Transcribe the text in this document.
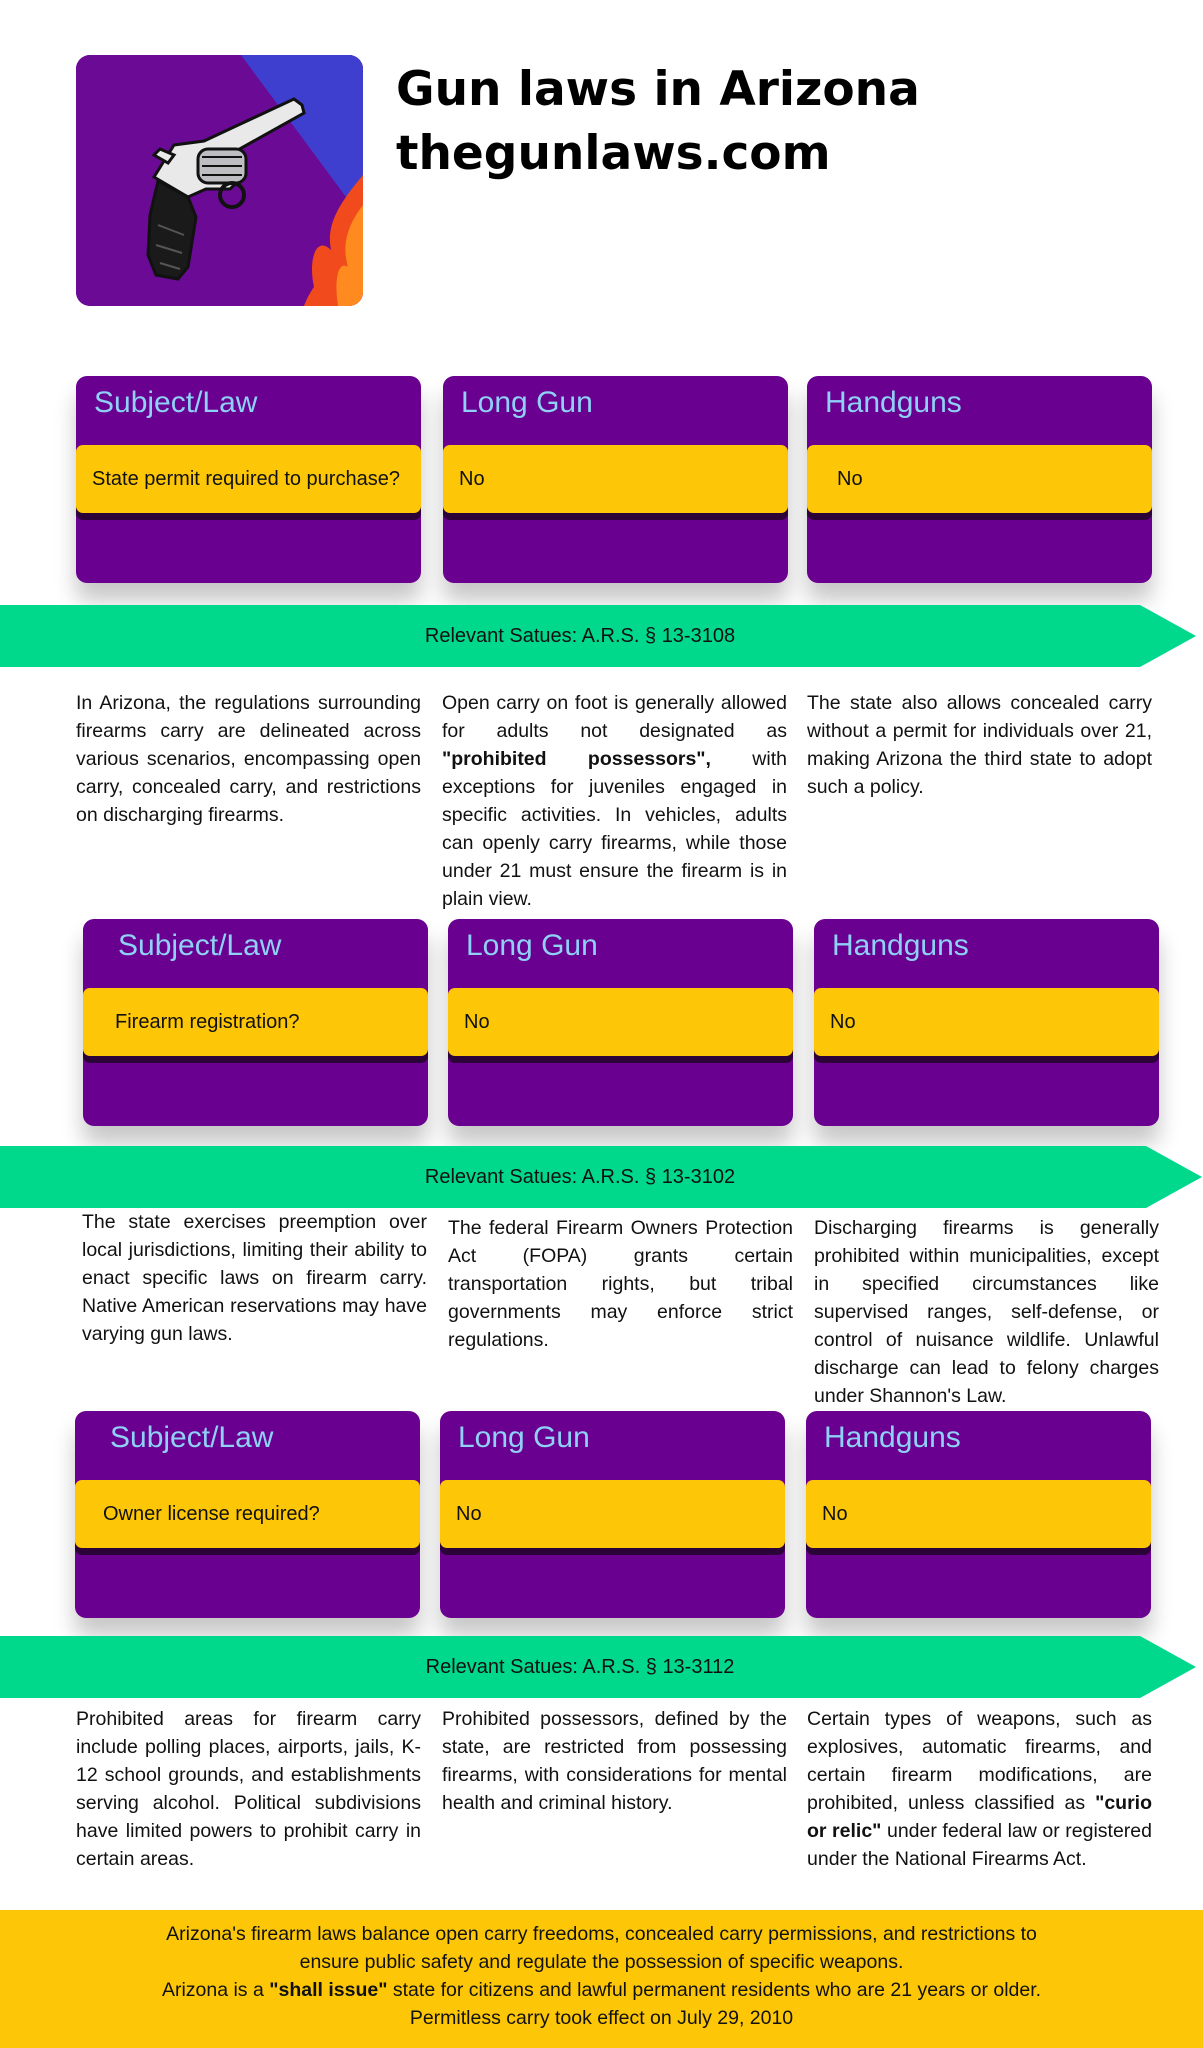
Gun laws in Arizona
thegunlaws.com
Subject/Law
State permit required to purchase?
Long Gun
No
Handguns
No
Relevant Satues: A.R.S. § 13-3108

In Arizona, the regulations surrounding firearms carry are delineated across various scenarios, encompassing open carry, concealed carry, and restrictions on discharging firearms.

Open carry on foot is generally allowed for adults not designated as "prohibited possessors", with exceptions for juveniles engaged in specific activities. In vehicles, adults can openly carry firearms, while those under 21 must ensure the firearm is in plain view.

The state also allows concealed carry without a permit for individuals over 21, making Arizona the third state to adopt such a policy.

Subject/Law
Firearm registration?
Long Gun
No
Handguns
No
Relevant Satues: A.R.S. § 13-3102

The state exercises preemption over local jurisdictions, limiting their ability to enact specific laws on firearm carry. Native American reservations may have varying gun laws.

The federal Firearm Owners Protection Act (FOPA) grants certain transportation rights, but tribal governments may enforce strict regulations.

Discharging firearms is generally prohibited within municipalities, except in specified circumstances like supervised ranges, self-defense, or control of nuisance wildlife. Unlawful discharge can lead to felony charges under Shannon's Law.

Subject/Law
Owner license required?
Long Gun
No
Handguns
No
Relevant Satues: A.R.S. § 13-3112

Prohibited areas for firearm carry include polling places, airports, jails, K-12 school grounds, and establishments serving alcohol. Political subdivisions have limited powers to prohibit carry in certain areas.

Prohibited possessors, defined by the state, are restricted from possessing firearms, with considerations for mental health and criminal history.

Certain types of weapons, such as explosives, automatic firearms, and certain firearm modifications, are prohibited, unless classified as "curio or relic" under federal law or registered under the National Firearms Act.

Arizona's firearm laws balance open carry freedoms, concealed carry permissions, and restrictions to ensure public safety and regulate the possession of specific weapons.

Arizona is a "shall issue" state for citizens and lawful permanent residents who are 21 years or older.

Permitless carry took effect on July 29, 2010
